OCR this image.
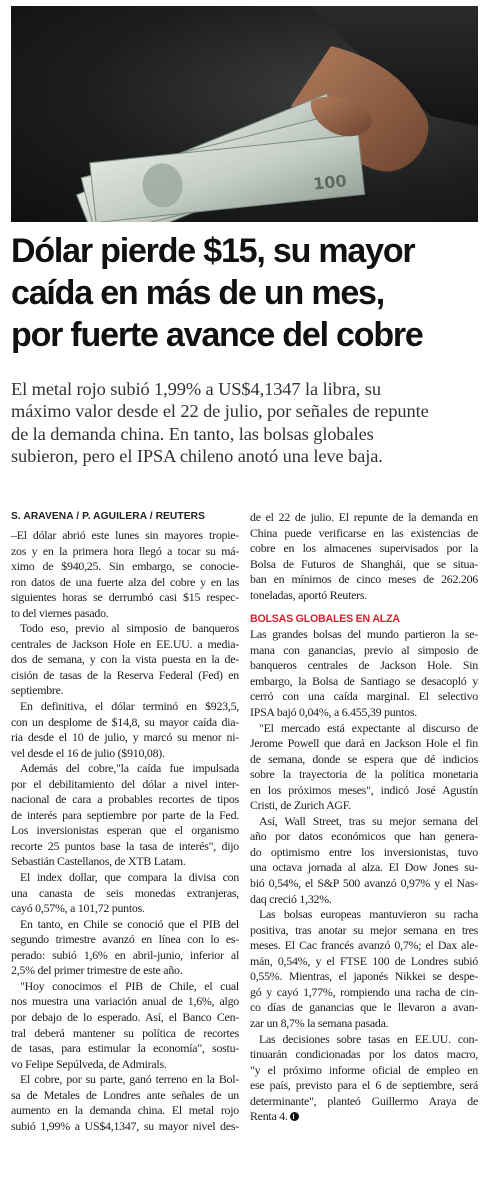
100
Dólar pierde $15, su mayor
caída en más de un mes,
por fuerte avance del cobre
El metal rojo subió 1,99% a US$4,1347 la libra, su
máximo valor desde el 22 de julio, por señales de repunte
de la demanda china. En tanto, las bolsas globales
subieron, pero el IPSA chileno anotó una leve baja.
S. ARAVENA / P. AGUILERA / REUTERS
–El dólar abrió este lunes sin mayores tropie-
zos y en la primera hora llegó a tocar su má-
ximo de $940,25. Sin embargo, se conocie-
ron datos de una fuerte alza del cobre y en las
siguientes horas se derrumbó casi $15 respec-
to del viernes pasado.
Todo eso, previo al simposio de banqueros
centrales de Jackson Hole en EE.UU. a media-
dos de semana, y con la vista puesta en la de-
cisión de tasas de la Reserva Federal (Fed) en
septiembre.
En definitiva, el dólar terminó en $923,5,
con un desplome de $14,8, su mayor caída dia-
ria desde el 10 de julio, y marcó su menor ni-
vel desde el 16 de julio ($910,08).
Además del cobre,"la caída fue impulsada
por el debilitamiento del dólar a nivel inter-
nacional de cara a probables recortes de tipos
de interés para septiembre por parte de la Fed.
Los inversionistas esperan que el organismo
recorte 25 puntos base la tasa de interés", dijo
Sebastián Castellanos, de XTB Latam.
El index dollar, que compara la divisa con
una canasta de seis monedas extranjeras,
cayó 0,57%, a 101,72 puntos.
En tanto, en Chile se conoció que el PIB del
segundo trimestre avanzó en línea con lo es-
perado: subió 1,6% en abril-junio, inferior al
2,5% del primer trimestre de este año.
"Hoy conocimos el PIB de Chile, el cual
nos muestra una variación anual de 1,6%, algo
por debajo de lo esperado. Así, el Banco Cen-
tral deberá mantener su política de recortes
de tasas, para estimular la economía", sostu-
vo Felipe Sepúlveda, de Admirals.
El cobre, por su parte, ganó terreno en la Bol-
sa de Metales de Londres ante señales de un
aumento en la demanda china. El metal rojo
subió 1,99% a US$4,1347, su mayor nivel des-
de el 22 de julio. El repunte de la demanda en
China puede verificarse en las existencias de
cobre en los almacenes supervisados por la
Bolsa de Futuros de Shanghái, que se situa-
ban en mínimos de cinco meses de 262.206
toneladas, aportó Reuters.
BOLSAS GLOBALES EN ALZA
Las grandes bolsas del mundo partieron la se-
mana con ganancias, previo al simposio de
banqueros centrales de Jackson Hole. Sin
embargo, la Bolsa de Santiago se desacopló y
cerró con una caída marginal. El selectivo
IPSA bajó 0,04%, a 6.455,39 puntos.
"El mercado está expectante al discurso de
Jerome Powell que dará en Jackson Hole el fin
de semana, donde se espera que dé indicios
sobre la trayectoria de la política monetaria
en los próximos meses", indicó José Agustín
Cristi, de Zurich AGF.
Así, Wall Street, tras su mejor semana del
año por datos económicos que han genera-
do optimismo entre los inversionistas, tuvo
una octava jornada al alza. El Dow Jones su-
bió 0,54%, el S&P 500 avanzó 0,97% y el Nas-
daq creció 1,32%.
Las bolsas europeas mantuvieron su racha
positiva, tras anotar su mejor semana en tres
meses. El Cac francés avanzó 0,7%; el Dax ale-
mán, 0,54%, y el FTSE 100 de Londres subió
0,55%. Mientras, el japonés Nikkei se despe-
gó y cayó 1,77%, rompiendo una racha de cin-
co días de ganancias que le llevaron a avan-
zar un 8,7% la semana pasada.
Las decisiones sobre tasas en EE.UU. con-
tinuarán condicionadas por los datos macro,
"y el próximo informe oficial de empleo en
ese país, previsto para el 6 de septiembre, será
determinante", planteó Guillermo Araya de
Renta 4.
